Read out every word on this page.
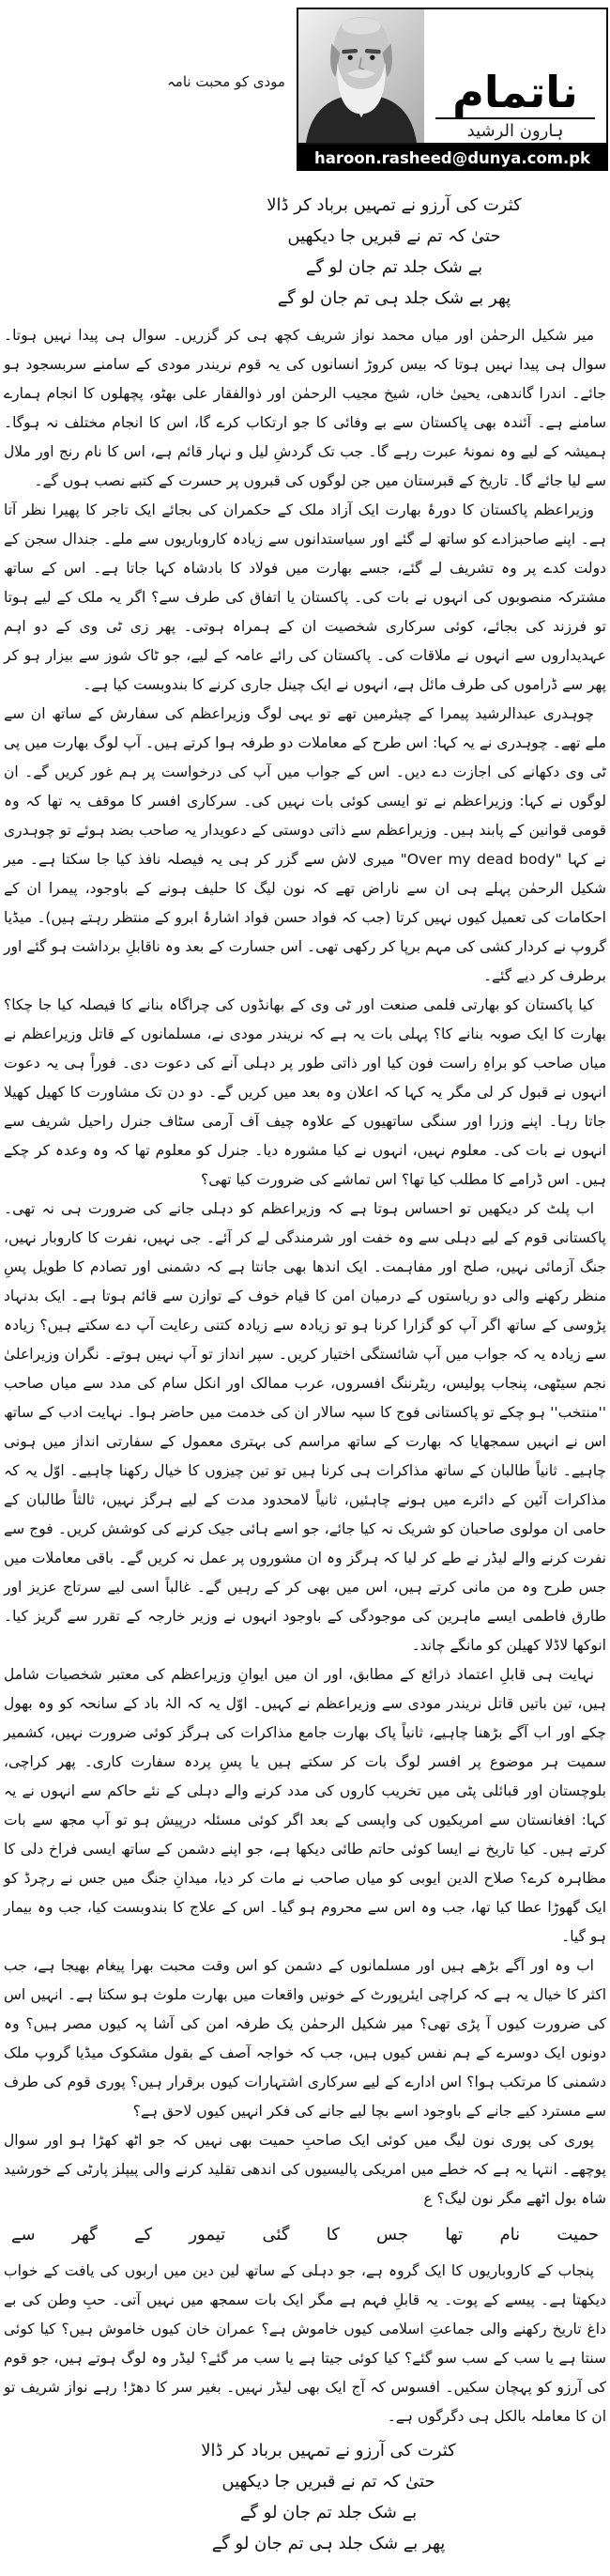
مودی کو محبت نامہ	ناتمام
ہارون الرشید
haroon.rasheed@dunya.com.pk
کثرت کی آرزو نے تمہیں برباد کر ڈالا
حتیٰ کہ تم نے قبریں جا دیکھیں
بے شک جلد تم جان لو گے
پھر بے شک جلد ہی تم جان لو گے

میر شکیل الرحمٰن اور میاں محمد نواز شریف کچھ ہی کر گزریں۔ سوال ہی پیدا نہیں ہوتا۔ سوال ہی پیدا نہیں ہوتا کہ بیس کروڑ انسانوں کی یہ قوم نریندر مودی کے سامنے سربسجود ہو جائے۔ اندرا گاندھی، یحییٰ خاں، شیخ مجیب الرحمٰن اور ذوالفقار علی بھٹو، پچھلوں کا انجام ہمارے سامنے ہے۔ آئندہ بھی پاکستان سے بے وفائی کا جو ارتکاب کرے گا، اس کا انجام مختلف نہ ہوگا۔ ہمیشہ کے لیے وہ نمونۂ عبرت رہے گا۔ جب تک گردشِ لیل و نہار قائم ہے، اس کا نام رنج اور ملال سے لیا جائے گا۔ تاریخ کے قبرستان میں جن لوگوں کی قبروں پر حسرت کے کتبے نصب ہوں گے۔

وزیراعظم پاکستان کا دورۂ بھارت ایک آزاد ملک کے حکمران کی بجائے ایک تاجر کا پھیرا نظر آتا ہے۔ اپنے صاحبزادے کو ساتھ لے گئے اور سیاستدانوں سے زیادہ کاروباریوں سے ملے۔ جندال سجن کے دولت کدے پر وہ تشریف لے گئے، جسے بھارت میں فولاد کا بادشاہ کہا جاتا ہے۔ اس کے ساتھ مشترکہ منصوبوں کی انہوں نے بات کی۔ پاکستان یا اتفاق کی طرف سے؟ اگر یہ ملک کے لیے ہوتا تو فرزند کی بجائے، کوئی سرکاری شخصیت ان کے ہمراہ ہوتی۔ پھر زی ٹی وی کے دو اہم عہدیداروں سے انہوں نے ملاقات کی۔ پاکستان کی رائے عامہ کے لیے، جو ٹاک شوز سے بیزار ہو کر پھر سے ڈراموں کی طرف مائل ہے، انہوں نے ایک چینل جاری کرنے کا بندوبست کیا ہے۔

چوہدری عبدالرشید پیمرا کے چیئرمین تھے تو یہی لوگ وزیراعظم کی سفارش کے ساتھ ان سے ملے تھے۔ چوہدری نے یہ کہا: اس طرح کے معاملات دو طرفہ ہوا کرتے ہیں۔ آپ لوگ بھارت میں پی ٹی وی دکھانے کی اجازت دے دیں۔ اس کے جواب میں آپ کی درخواست پر ہم غور کریں گے۔ ان لوگوں نے کہا: وزیراعظم نے تو ایسی کوئی بات نہیں کی۔ سرکاری افسر کا موقف یہ تھا کہ وہ قومی قوانین کے پابند ہیں۔ وزیراعظم سے ذاتی دوستی کے دعویدار یہ صاحب بضد ہوئے تو چوہدری نے کہا "Over my dead body" میری لاش سے گزر کر ہی یہ فیصلہ نافذ کیا جا سکتا ہے۔ میر شکیل الرحمٰن پہلے ہی ان سے ناراض تھے کہ نون لیگ کا حلیف ہونے کے باوجود، پیمرا ان کے احکامات کی تعمیل کیوں نہیں کرتا (جب کہ فواد حسن فواد اشارۂ ابرو کے منتظر رہتے ہیں)۔ میڈیا گروپ نے کردار کشی کی مہم برپا کر رکھی تھی۔ اس جسارت کے بعد وہ ناقابلِ برداشت ہو گئے اور برطرف کر دیے گئے۔

کیا پاکستان کو بھارتی فلمی صنعت اور ٹی وی کے بھانڈوں کی چراگاہ بنانے کا فیصلہ کیا جا چکا؟ بھارت کا ایک صوبہ بنانے کا؟ پہلی بات یہ ہے کہ نریندر مودی نے، مسلمانوں کے قاتل وزیراعظم نے میاں صاحب کو براہِ راست فون کیا اور ذاتی طور پر دہلی آنے کی دعوت دی۔ فوراً ہی یہ دعوت انہوں نے قبول کر لی مگر یہ کہا کہ اعلان وہ بعد میں کریں گے۔ دو دن تک مشاورت کا کھیل کھیلا جاتا رہا۔ اپنے وزرا اور سنگی ساتھیوں کے علاوہ چیف آف آرمی سٹاف جنرل راحیل شریف سے انہوں نے بات کی۔ معلوم نہیں، انہوں نے کیا مشورہ دیا۔ جنرل کو معلوم تھا کہ وہ وعدہ کر چکے ہیں۔ اس ڈرامے کا مطلب کیا تھا؟ اس تماشے کی ضرورت کیا تھی؟

اب پلٹ کر دیکھیں تو احساس ہوتا ہے کہ وزیراعظم کو دہلی جانے کی ضرورت ہی نہ تھی۔ پاکستانی قوم کے لیے دہلی سے وہ خفت اور شرمندگی لے کر آئے۔ جی نہیں، نفرت کا کاروبار نہیں، جنگ آزمائی نہیں، صلح اور مفاہمت۔ ایک اندھا بھی جانتا ہے کہ دشمنی اور تصادم کا طویل پسِ منظر رکھنے والی دو ریاستوں کے درمیان امن کا قیام خوف کے توازن سے قائم ہوتا ہے۔ ایک بدنہاد پڑوسی کے ساتھ اگر آپ کو گزارا کرنا ہو تو زیادہ سے زیادہ کتنی رعایت آپ دے سکتے ہیں؟ زیادہ سے زیادہ یہ کہ جواب میں آپ شائستگی اختیار کریں۔ سپر انداز تو آپ نہیں ہوتے۔ نگران وزیراعلیٰ نجم سیٹھی، پنجاب پولیس، ریٹرننگ افسروں، عرب ممالک اور انکل سام کی مدد سے میاں صاحب ''منتخب'' ہو چکے تو پاکستانی فوج کا سپہ سالار ان کی خدمت میں حاضر ہوا۔ نہایت ادب کے ساتھ اس نے انہیں سمجھایا کہ بھارت کے ساتھ مراسم کی بہتری معمول کے سفارتی انداز میں ہونی چاہیے۔ ثانیاً طالبان کے ساتھ مذاکرات ہی کرنا ہیں تو تین چیزوں کا خیال رکھنا چاہیے۔ اوّل یہ کہ مذاکرات آئین کے دائرے میں ہونے چاہئیں، ثانیاً لامحدود مدت کے لیے ہرگز نہیں، ثالثاً طالبان کے حامی ان مولوی صاحبان کو شریک نہ کیا جائے، جو اسے ہائی جیک کرنے کی کوشش کریں۔ فوج سے نفرت کرنے والے لیڈر نے طے کر لیا کہ ہرگز وہ ان مشوروں پر عمل نہ کریں گے۔ باقی معاملات میں جس طرح وہ من مانی کرتے ہیں، اس میں بھی کر کے رہیں گے۔ غالباً اسی لیے سرتاج عزیز اور طارق فاطمی ایسے ماہرین کی موجودگی کے باوجود انہوں نے وزیر خارجہ کے تقرر سے گریز کیا۔ انوکھا لاڈلا کھیلن کو مانگے چاند۔

نہایت ہی قابلِ اعتماد ذرائع کے مطابق، اور ان میں ایوانِ وزیراعظم کی معتبر شخصیات شامل ہیں، تین باتیں قاتل نریندر مودی سے وزیراعظم نے کہیں۔ اوّل یہ کہ الہٰ باد کے سانحہ کو وہ بھول چکے اور اب آگے بڑھنا چاہیے، ثانیاً پاک بھارت جامع مذاکرات کی ہرگز کوئی ضرورت نہیں، کشمیر سمیت ہر موضوع پر افسر لوگ بات کر سکتے ہیں یا پسِ پردہ سفارت کاری۔ پھر کراچی، بلوچستان اور قبائلی پٹی میں تخریب کاروں کی مدد کرنے والے دہلی کے نئے حاکم سے انہوں نے یہ کہا: افغانستان سے امریکیوں کی واپسی کے بعد اگر کوئی مسئلہ درپیش ہو تو آپ مجھ سے بات کرتے ہیں۔ کیا تاریخ نے ایسا کوئی حاتم طائی دیکھا ہے، جو اپنے دشمن کے ساتھ ایسی فراخ دلی کا مظاہرہ کرے؟ صلاح الدین ایوبی کو میاں صاحب نے مات کر دیا، میدانِ جنگ میں جس نے رچرڈ کو ایک گھوڑا عطا کیا تھا، جب وہ اس سے محروم ہو گیا۔ اس کے علاج کا بندوبست کیا، جب وہ بیمار ہو گیا۔

اب وہ اور آگے بڑھے ہیں اور مسلمانوں کے دشمن کو اس وقت محبت بھرا پیغام بھیجا ہے، جب اکثر کا خیال یہ ہے کہ کراچی ایئرپورٹ کے خونیں واقعات میں بھارت ملوث ہو سکتا ہے۔ انہیں اس کی ضرورت کیوں آ پڑی تھی؟ میر شکیل الرحمٰن یک طرفہ امن کی آشا پہ کیوں مصر ہیں؟ وہ دونوں ایک دوسرے کے ہم نفس کیوں ہیں، جب کہ خواجہ آصف کے بقول مشکوک میڈیا گروپ ملک دشمنی کا مرتکب ہوا؟ اس ادارے کے لیے سرکاری اشتہارات کیوں برقرار ہیں؟ پوری قوم کی طرف سے مسترد کیے جانے کے باوجود اسے بچا لیے جانے کی فکر انہیں کیوں لاحق ہے؟

پوری کی پوری نون لیگ میں کوئی ایک صاحبِ حمیت بھی نہیں کہ جو اٹھ کھڑا ہو اور سوال پوچھے۔ انتہا یہ ہے کہ خطے میں امریکی پالیسیوں کی اندھی تقلید کرنے والی پیپلز پارٹی کے خورشید شاہ بول اٹھے مگر نون لیگ؟ ع

حمیت نام تھا جس کا گئی تیمور کے گھر سے

پنجاب کے کاروباریوں کا ایک گروہ ہے، جو دہلی کے ساتھ لین دین میں اربوں کی یافت کے خواب دیکھتا ہے۔ پیسے کے پوت۔ یہ قابلِ فہم ہے مگر ایک بات سمجھ میں نہیں آتی۔ حبِ وطن کی بے داغ تاریخ رکھنے والی جماعتِ اسلامی کیوں خاموش ہے؟ عمران خان کیوں خاموش ہیں؟ کیا کوئی سنتا ہے یا سب کے سب سو گئے؟ کیا کوئی جیتا ہے یا سب مر گئے؟ لیڈر وہ لوگ ہوتے ہیں، جو قوم کی آرزو کو پہچان سکیں۔ افسوس کہ آج ایک بھی لیڈر نہیں۔ بغیر سر کا دھڑ! رہے نواز شریف تو ان کا معاملہ بالکل ہی دگرگوں ہے۔

کثرت کی آرزو نے تمہیں برباد کر ڈالا
حتیٰ کہ تم نے قبریں جا دیکھیں
بے شک جلد تم جان لو گے
پھر بے شک جلد ہی تم جان لو گے
